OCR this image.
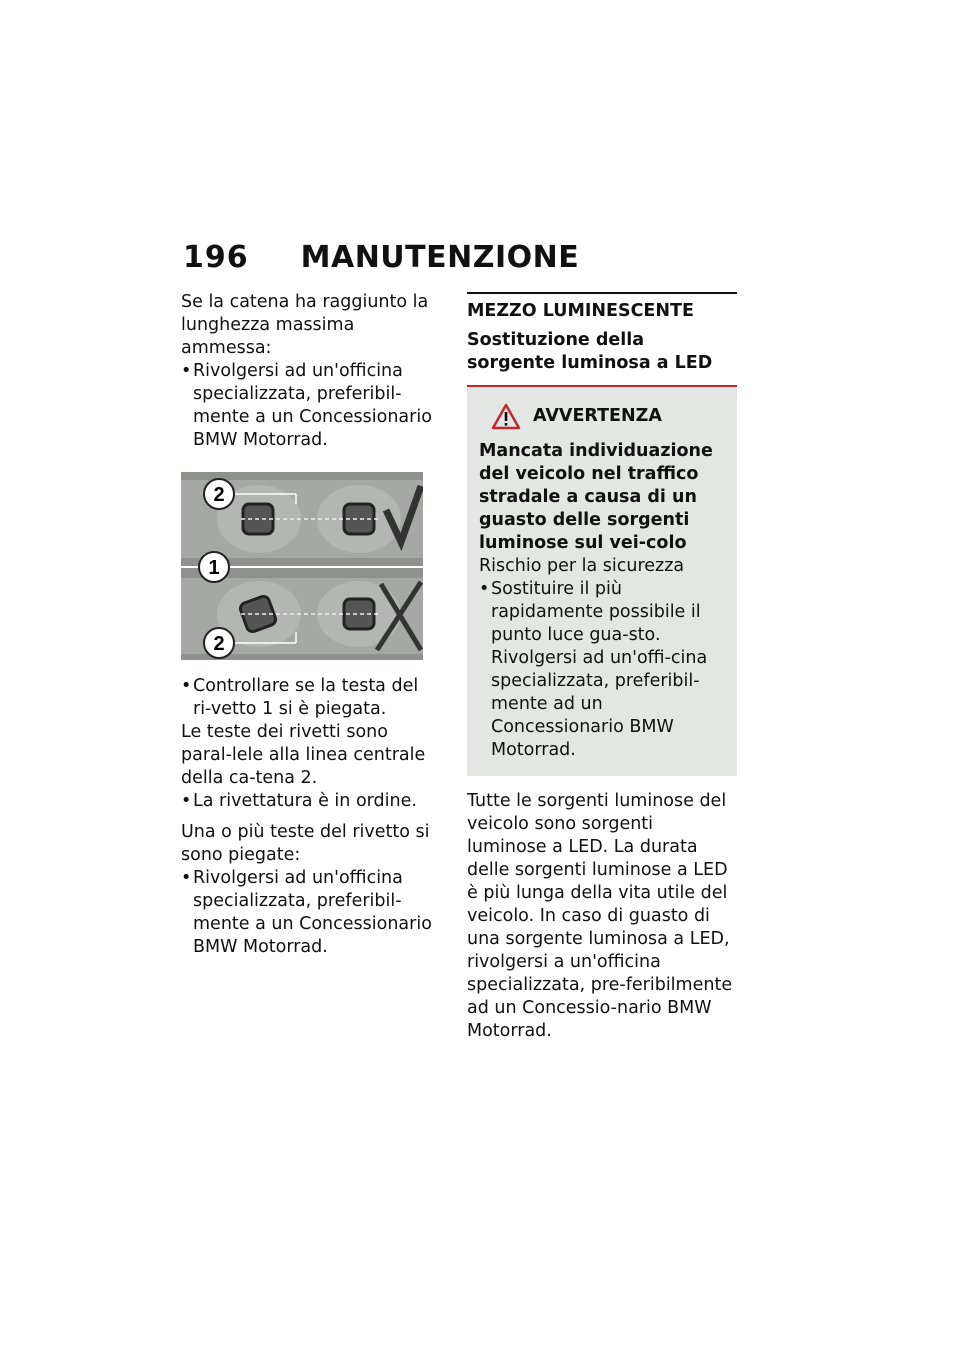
196 MANUTENZIONE

Se la catena ha raggiunto la lunghezza massima ammessa:

• Rivolgersi ad un'officina specializzata, preferibil-mente a un Concessionario BMW Motorrad.

2
1
2

• Controllare se la testa del ri-vetto 1 si è piegata.

Le teste dei rivetti sono paral-lele alla linea centrale della ca-tena 2.

• La rivettatura è in ordine.

Una o più teste del rivetto si sono piegate:

• Rivolgersi ad un'officina specializzata, preferibil-mente a un Concessionario BMW Motorrad.

MEZZO LUMINESCENTE
Sostituzione della sorgente luminosa a LED
AVVERTENZA

Mancata individuazione del veicolo nel traffico stradale a causa di un guasto delle sorgenti luminose sul vei-colo

Rischio per la sicurezza

• Sostituire il più rapidamente possibile il punto luce gua-sto. Rivolgersi ad un'offi-cina specializzata, preferibil-mente ad un Concessionario BMW Motorrad.

Tutte le sorgenti luminose del veicolo sono sorgenti luminose a LED. La durata delle sorgenti luminose a LED è più lunga della vita utile del veicolo. In caso di guasto di una sorgente luminosa a LED, rivolgersi a un'officina specializzata, pre-feribilmente ad un Concessio-nario BMW Motorrad.
